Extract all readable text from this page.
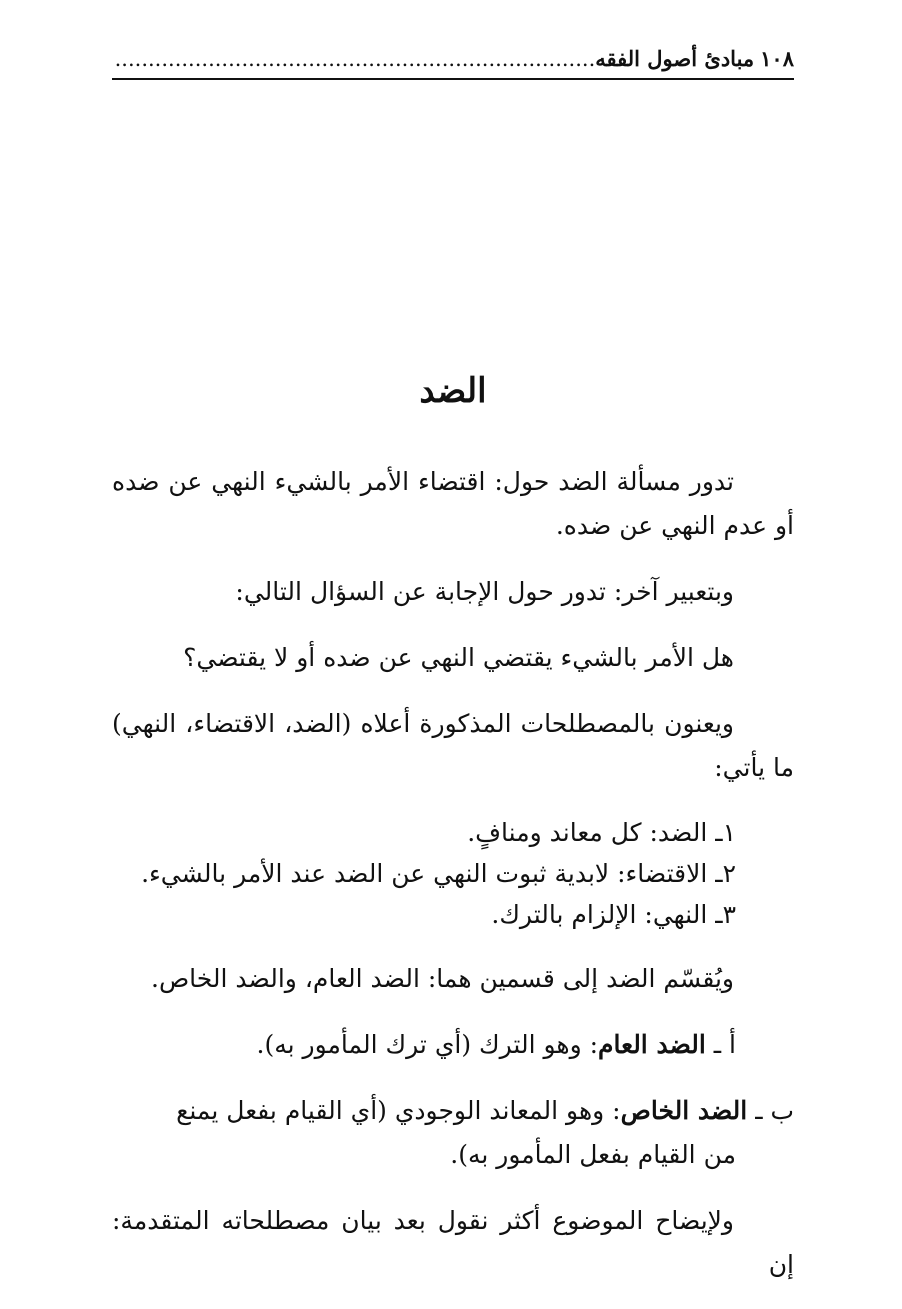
١٠٨
........................................................................ مبادئ أصول الفقه
الضد

تدور مسألة الضد حول: اقتضاء الأمر بالشيء النهي عن ضده أو عدم النهي عن ضده.

وبتعبير آخر: تدور حول الإجابة عن السؤال التالي:

هل الأمر بالشيء يقتضي النهي عن ضده أو لا يقتضي؟

ويعنون بالمصطلحات المذكورة أعلاه (الضد، الاقتضاء، النهي) ما يأتي:

١ـ الضد: كل معاند ومنافٍ.

٢ـ الاقتضاء: لابدية ثبوت النهي عن الضد عند الأمر بالشيء.

٣ـ النهي: الإلزام بالترك.

ويُقسّم الضد إلى قسمين هما: الضد العام، والضد الخاص.

أ ـ الضد العام: وهو الترك (أي ترك المأمور به).

ب ـ الضد الخاص: وهو المعاند الوجودي (أي القيام بفعل يمنع
من القيام بفعل المأمور به).

ولإيضاح الموضوع أكثر نقول بعد بيان مصطلحاته المتقدمة: إن
